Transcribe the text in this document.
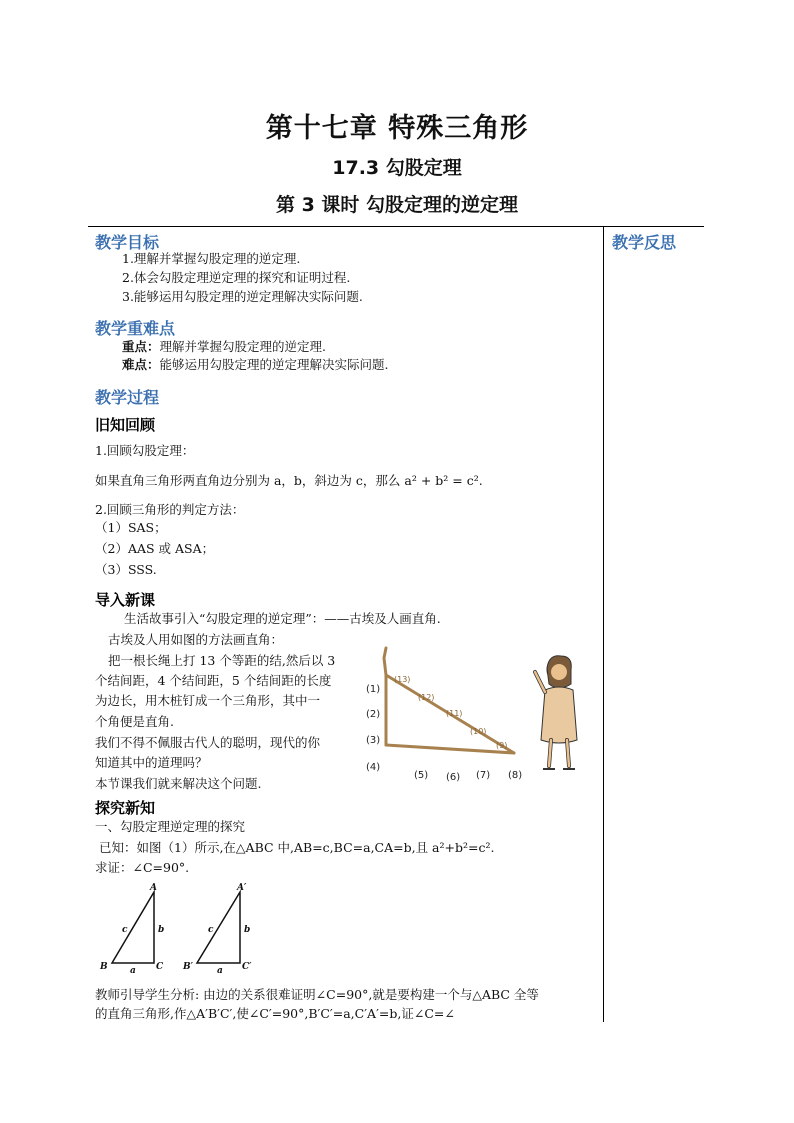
第十七章 特殊三角形
17.3 勾股定理
第 3 课时 勾股定理的逆定理
教学反思
教学目标
1.理解并掌握勾股定理的逆定理.
2.体会勾股定理逆定理的探究和证明过程.
3.能够运用勾股定理的逆定理解决实际问题.
教学重难点
重点：理解并掌握勾股定理的逆定理.
难点：能够运用勾股定理的逆定理解决实际问题.
教学过程
旧知回顾
1.回顾勾股定理：
如果直角三角形两直角边分别为 a，b，斜边为 c，那么 a² + b² = c².
2.回顾三角形的判定方法：
（1）SAS；
（2）AAS 或 ASA；
（3）SSS.
导入新课
生活故事引入“勾股定理的逆定理”：——古埃及人画直角.
古埃及人用如图的方法画直角：
把一根长绳上打 13 个等距的结,然后以 3
个结间距，4 个结间距，5 个结间距的长度
为边长，用木桩钉成一个三角形，其中一
个角便是直角.
我们不得不佩服古代人的聪明，现代的你
知道其中的道理吗？
本节课我们就来解决这个问题.
(13)
(12)
(11)
(10)
(9)
(1)
(2)
(3)
(4)
(5) (6) (7) (8)
探究新知
一、勾股定理逆定理的探究
已知：如图（1）所示,在△ABC 中,AB=c,BC=a,CA=b,且 a²+b²=c².
求证：∠C=90°.
A
B	C
a
b
c
A′
B′	C′
a
b
c
教师引导学生分析: 由边的关系很难证明∠C=90°,就是要构建一个与△ABC 全等
的直角三角形,作△A′B′C′,使∠C′=90°,B′C′=a,C′A′=b,证∠C=∠
